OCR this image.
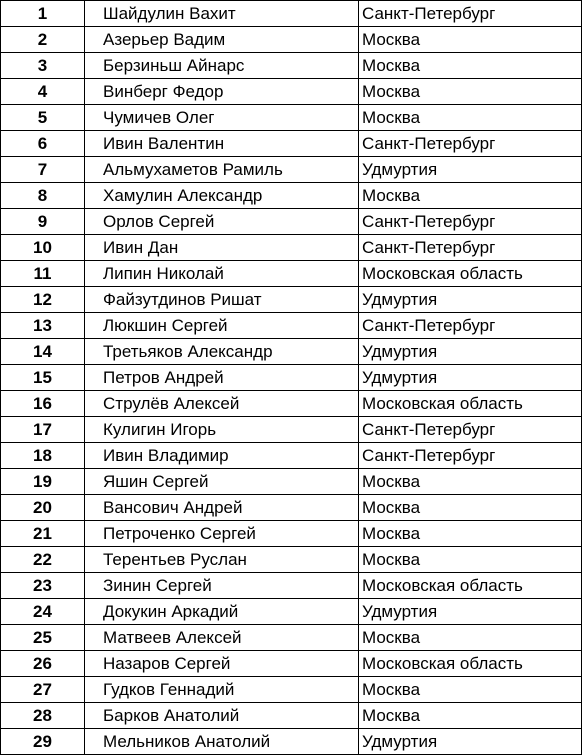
1	Шайдулин Вахит	Санкт-Петербург
2	Азерьер Вадим	Москва
3	Берзиньш Айнарс	Москва
4	Винберг Федор	Москва
5	Чумичев Олег	Москва
6	Ивин Валентин	Санкт-Петербург
7	Альмухаметов Рамиль	Удмуртия
8	Хамулин Александр	Москва
9	Орлов Сергей	Санкт-Петербург
10	Ивин Дан	Санкт-Петербург
11	Липин Николай	Московская область
12	Файзутдинов Ришат	Удмуртия
13	Люкшин Сергей	Санкт-Петербург
14	Третьяков Александр	Удмуртия
15	Петров Андрей	Удмуртия
16	Струлёв Алексей	Московская область
17	Кулигин Игорь	Санкт-Петербург
18	Ивин Владимир	Санкт-Петербург
19	Яшин Сергей	Москва
20	Вансович Андрей	Москва
21	Петроченко Сергей	Москва
22	Терентьев Руслан	Москва
23	Зинин Сергей	Московская область
24	Докукин Аркадий	Удмуртия
25	Матвеев Алексей	Москва
26	Назаров Сергей	Московская область
27	Гудков Геннадий	Москва
28	Барков Анатолий	Москва
29	Мельников Анатолий	Удмуртия
